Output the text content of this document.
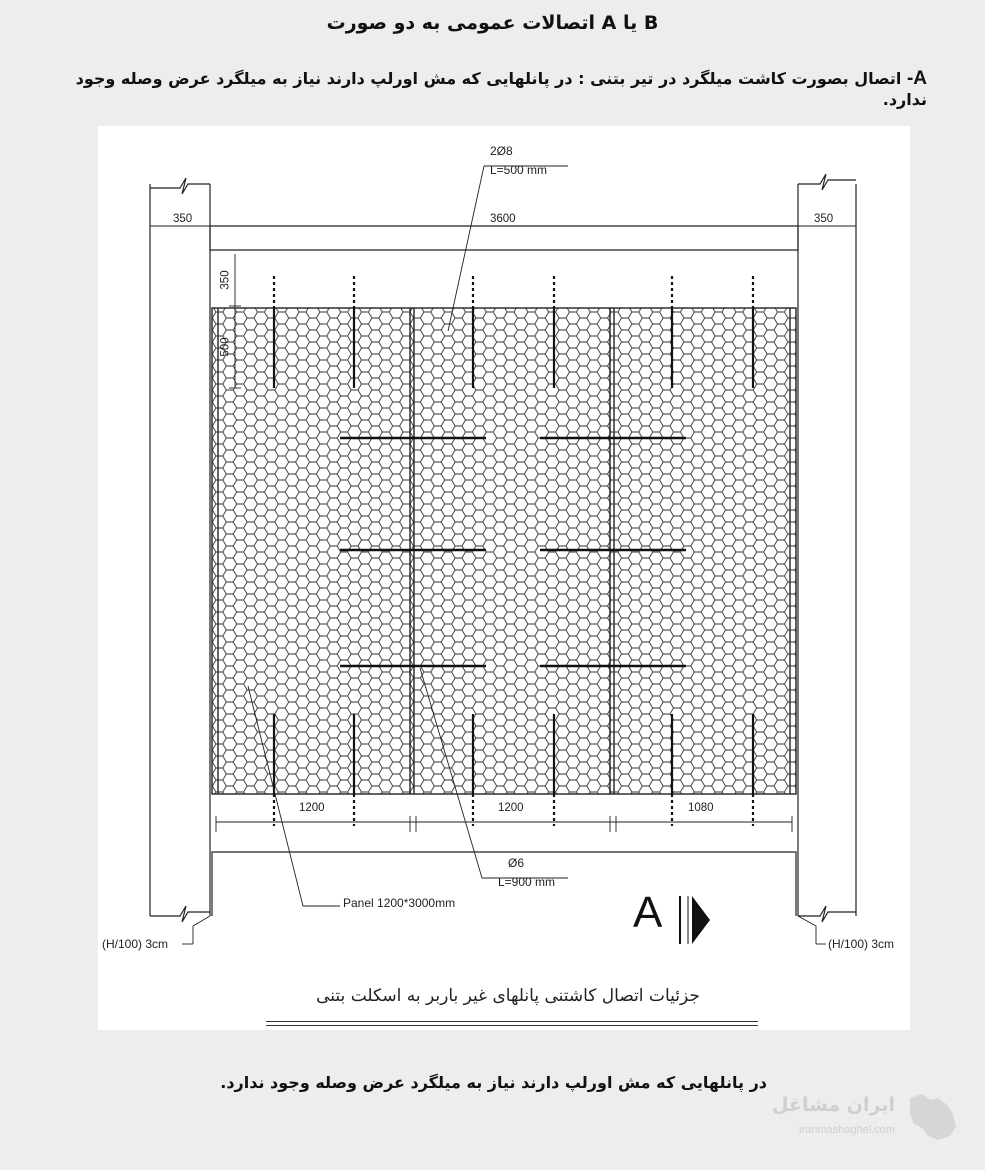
اتصالات عمومی به دو صورت A یا B
A- اتصال بصورت کاشت میلگرد در تیر بتنی : در پانلهایی که مش اورلپ دارند نیاز به میلگرد عرض وصله وجود ندارد.
350	3600	350
350
500
1200	1200	1080
2Ø8
L=500 mm
Ø6
L=900 mm
Panel 1200*3000mm
(H/100) 3cm	(H/100) 3cm
A
جزئیات اتصال کاشتنی پانلهای غیر باربر به اسکلت بتنی
در پانلهایی که مش اورلپ دارند نیاز به میلگرد عرض وصله وجود ندارد.
ایران مشاغل
iranmashaghel.com
